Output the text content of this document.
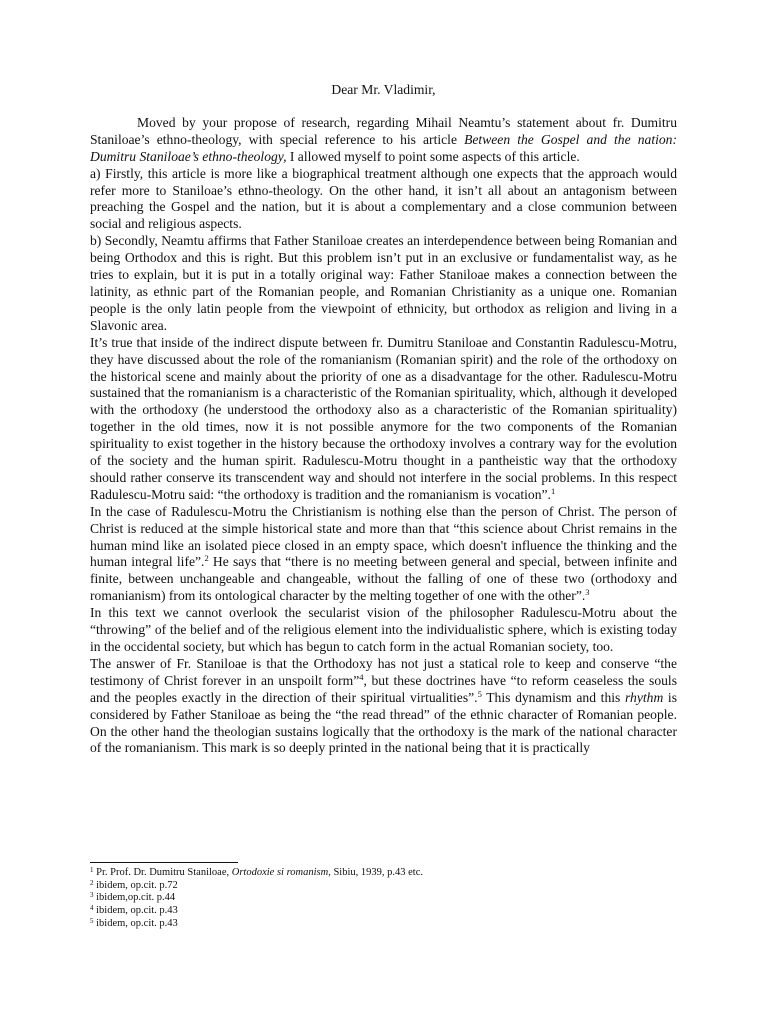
Dear Mr. Vladimir,

Moved by your propose of research, regarding Mihail Neamtu’s statement about fr. Dumitru Staniloae’s ethno-theology, with special reference to his article Between the Gospel and the nation: Dumitru Staniloae’s ethno-theology, I allowed myself to point some aspects of this article.

a) Firstly, this article is more like a biographical treatment although one expects that the approach would refer more to Staniloae’s ethno-theology. On the other hand, it isn’t all about an antagonism between preaching the Gospel and the nation, but it is about a complementary and a close communion between social and religious aspects.

b) Secondly, Neamtu affirms that Father Staniloae creates an interdependence between being Romanian and being Orthodox and this is right. But this problem isn’t put in an exclusive or fundamentalist way, as he tries to explain, but it is put in a totally original way: Father Staniloae makes a connection between the latinity, as ethnic part of the Romanian people, and Romanian Christianity as a unique one. Romanian people is the only latin people from the viewpoint of ethnicity, but orthodox as religion and living in a Slavonic area.

It’s true that inside of the indirect dispute between fr. Dumitru Staniloae and Constantin Radulescu-Motru, they have discussed about the role of the romanianism (Romanian spirit) and the role of the orthodoxy on the historical scene and mainly about the priority of one as a disadvantage for the other. Radulescu-Motru sustained that the romanianism is a characteristic of the Romanian spirituality, which, although it developed with the orthodoxy (he understood the orthodoxy also as a characteristic of the Romanian spirituality) together in the old times, now it is not possible anymore for the two components of the Romanian spirituality to exist together in the history because the orthodoxy involves a contrary way for the evolution of the society and the human spirit. Radulescu-Motru thought in a pantheistic way that the orthodoxy should rather conserve its transcendent way and should not interfere in the social problems. In this respect Radulescu-Motru said: “the orthodoxy is tradition and the romanianism is vocation”.$^1$

In the case of Radulescu-Motru the Christianism is nothing else than the person of Christ. The person of Christ is reduced at the simple historical state and more than that “this science about Christ remains in the human mind like an isolated piece closed in an empty space, which doesn't influence the thinking and the human integral life”.$^2$ He says that “there is no meeting between general and special, between infinite and finite, between unchangeable and changeable, without the falling of one of these two (orthodoxy and romanianism) from its ontological character by the melting together of one with the other”.$^3$

In this text we cannot overlook the secularist vision of the philosopher Radulescu-Motru about the “throwing” of the belief and of the religious element into the individualistic sphere, which is existing today in the occidental society, but which has begun to catch form in the actual Romanian society, too.

The answer of Fr. Staniloae is that the Orthodoxy has not just a statical role to keep and conserve “the testimony of Christ forever in an unspoilt form”$^4$, but these doctrines have “to reform ceaseless the souls and the peoples exactly in the direction of their spiritual virtualities”.$^5$ This dynamism and this rhythm is considered by Father Staniloae as being the “the read thread” of the ethnic character of Romanian people. On the other hand the theologian sustains logically that the orthodoxy is the mark of the national character of the romanianism. This mark is so deeply printed in the national being that it is practically

$^1$ Pr. Prof. Dr. Dumitru Staniloae, Ortodoxie si romanism, Sibiu, 1939, p.43 etc.
$^2$ ibidem, op.cit. p.72
$^3$ ibidem,op.cit. p.44
$^4$ ibidem, op.cit. p.43
$^5$ ibidem, op.cit. p.43
